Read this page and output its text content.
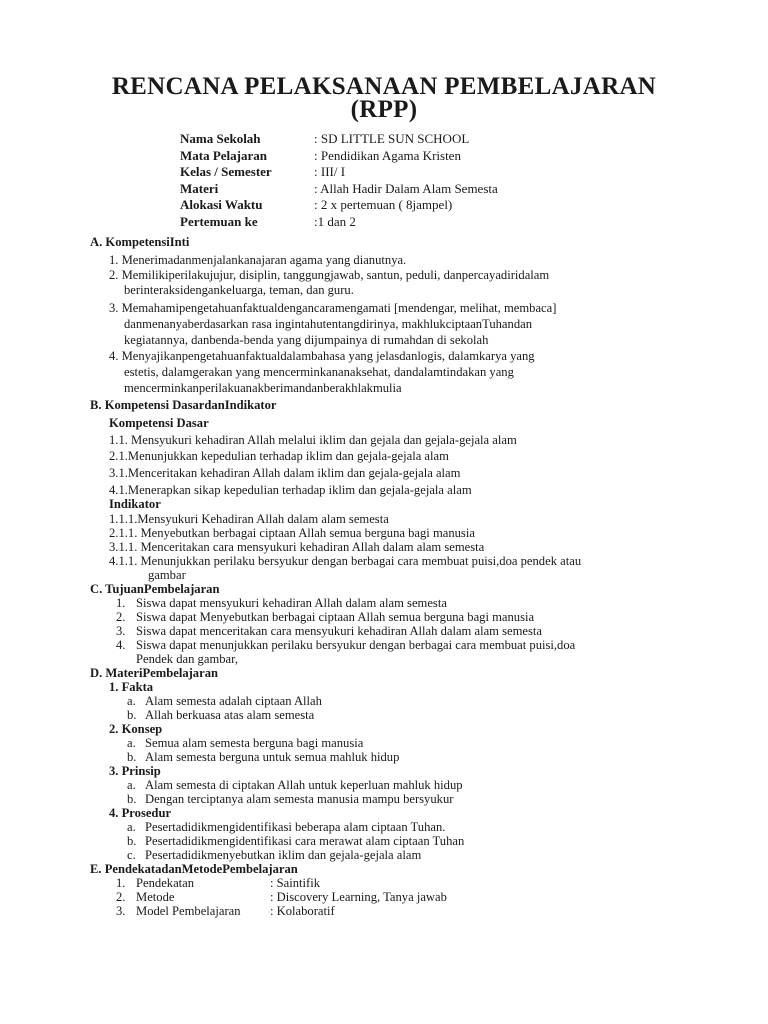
RENCANA PELAKSANAAN PEMBELAJARAN
(RPP)
Nama Sekolah	: SD LITTLE SUN SCHOOL
Mata Pelajaran	: Pendidikan Agama Kristen
Kelas / Semester	: III/ I
Materi	: Allah Hadir Dalam Alam Semesta
Alokasi Waktu	: 2 x pertemuan ( 8jampel)
Pertemuan ke	:1 dan 2
A. KompetensiInti
1. Menerimadanmenjalankanajaran agama yang dianutnya.
2. Memilikiperilakujujur, disiplin, tanggungjawab, santun, peduli, danpercayadiridalam
berinteraksidengankeluarga, teman, dan guru.
3. Memahamipengetahuanfaktualdengancaramengamati [mendengar, melihat, membaca]
danmenanyaberdasarkan rasa ingintahutentangdirinya, makhlukciptaanTuhandan
kegiatannya, danbenda-benda yang dijumpainya di rumahdan di sekolah
4. Menyajikanpengetahuanfaktualdalambahasa yang jelasdanlogis, dalamkarya yang
estetis, dalamgerakan yang mencerminkananaksehat, dandalamtindakan yang
mencerminkanperilakuanakberimandanberakhlakmulia
B. Kompetensi DasardanIndikator
Kompetensi Dasar
1.1. Mensyukuri kehadiran Allah melalui iklim dan gejala dan gejala-gejala alam
2.1.Menunjukkan kepedulian terhadap iklim dan gejala-gejala alam
3.1.Menceritakan kehadiran Allah dalam iklim dan gejala-gejala alam
4.1.Menerapkan sikap kepedulian terhadap iklim dan gejala-gejala alam
Indikator
1.1.1.Mensyukuri Kehadiran Allah dalam alam semesta
2.1.1. Menyebutkan berbagai ciptaan Allah semua berguna bagi manusia
3.1.1. Menceritakan cara mensyukuri kehadiran Allah dalam alam semesta
4.1.1. Menunjukkan perilaku bersyukur dengan berbagai cara membuat puisi,doa pendek atau
gambar
C. TujuanPembelajaran
1. Siswa dapat mensyukuri kehadiran Allah dalam alam semesta
2. Siswa dapat Menyebutkan berbagai ciptaan Allah semua berguna bagi manusia
3. Siswa dapat menceritakan cara mensyukuri kehadiran Allah dalam alam semesta
4. Siswa dapat menunjukkan perilaku bersyukur dengan berbagai cara membuat puisi,doa
Pendek dan gambar,
D. MateriPembelajaran
1. Fakta
a. Alam semesta adalah ciptaan Allah
b. Allah berkuasa atas alam semesta
2. Konsep
a. Semua alam semesta berguna bagi manusia
b. Alam semesta berguna untuk semua mahluk hidup
3. Prinsip
a. Alam semesta di ciptakan Allah untuk keperluan mahluk hidup
b. Dengan terciptanya alam semesta manusia mampu bersyukur
4. Prosedur
a. Pesertadidikmengidentifikasi beberapa alam ciptaan Tuhan.
b. Pesertadidikmengidentifikasi cara merawat alam ciptaan Tuhan
c. Pesertadidikmenyebutkan iklim dan gejala-gejala alam
E. PendekatadanMetodePembelajaran
1. Pendekatan	: Saintifik
2. Metode	: Discovery Learning, Tanya jawab
3. Model Pembelajaran : Kolaboratif
